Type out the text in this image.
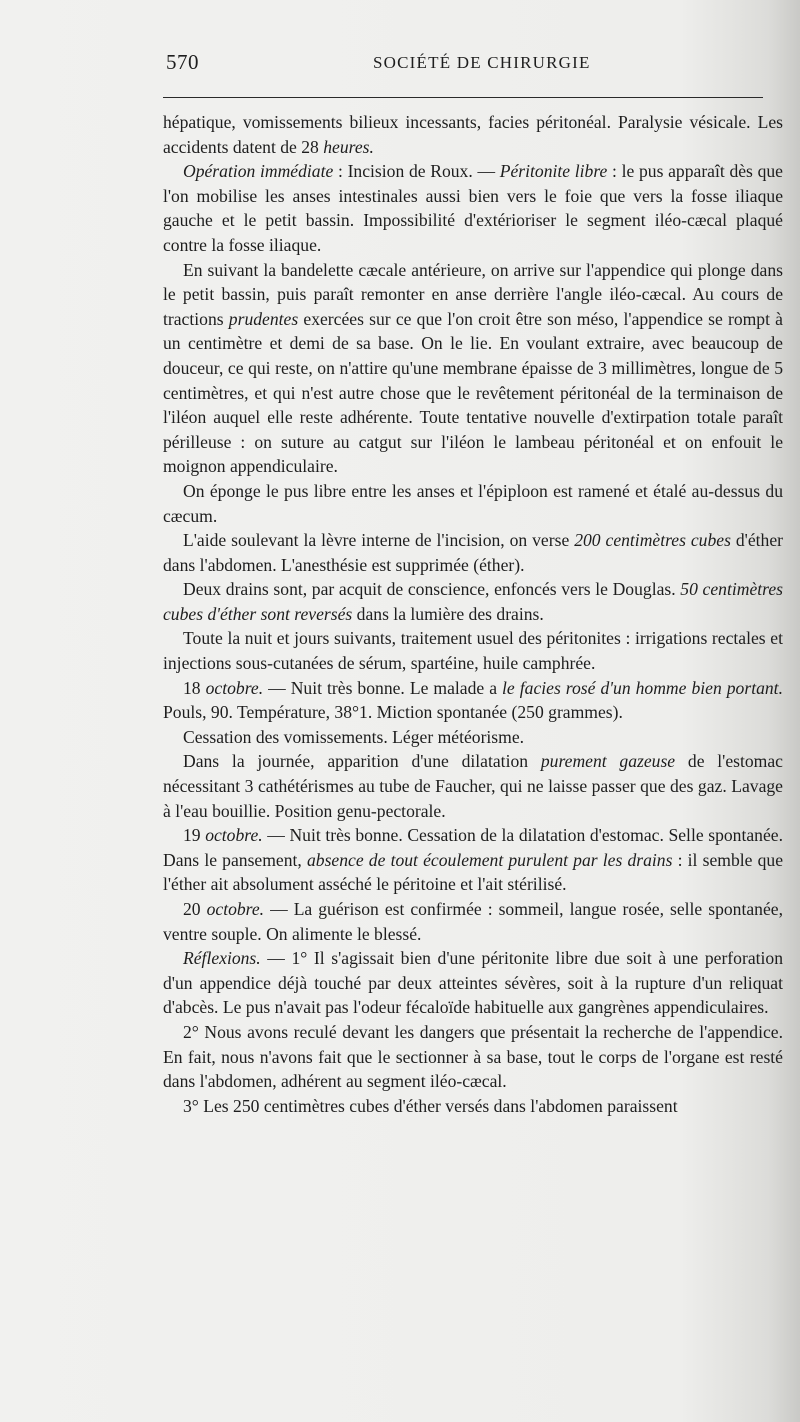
570	SOCIÉTÉ DE CHIRURGIE

hépatique, vomissements bilieux incessants, facies péritonéal. Paralysie vésicale. Les accidents datent de 28 heures.

Opération immédiate : Incision de Roux. — Péritonite libre : le pus apparaît dès que l'on mobilise les anses intestinales aussi bien vers le foie que vers la fosse iliaque gauche et le petit bassin. Impossibilité d'extérioriser le segment iléo-cæcal plaqué contre la fosse iliaque.

En suivant la bandelette cæcale antérieure, on arrive sur l'appendice qui plonge dans le petit bassin, puis paraît remonter en anse derrière l'angle iléo-cæcal. Au cours de tractions prudentes exercées sur ce que l'on croit être son méso, l'appendice se rompt à un centimètre et demi de sa base. On le lie. En voulant extraire, avec beaucoup de douceur, ce qui reste, on n'attire qu'une membrane épaisse de 3 millimètres, longue de 5 centimètres, et qui n'est autre chose que le revêtement péritonéal de la terminaison de l'iléon auquel elle reste adhérente. Toute tentative nouvelle d'extirpation totale paraît périlleuse : on suture au catgut sur l'iléon le lambeau péritonéal et on enfouit le moignon appendiculaire.

On éponge le pus libre entre les anses et l'épiploon est ramené et étalé au-dessus du cæcum.

L'aide soulevant la lèvre interne de l'incision, on verse 200 centimètres cubes d'éther dans l'abdomen. L'anesthésie est supprimée (éther).

Deux drains sont, par acquit de conscience, enfoncés vers le Douglas. 50 centimètres cubes d'éther sont reversés dans la lumière des drains.

Toute la nuit et jours suivants, traitement usuel des péritonites : irrigations rectales et injections sous-cutanées de sérum, spartéine, huile camphrée.

18 octobre. — Nuit très bonne. Le malade a le facies rosé d'un homme bien portant. Pouls, 90. Température, 38°1. Miction spontanée (250 grammes).

Cessation des vomissements. Léger météorisme.

Dans la journée, apparition d'une dilatation purement gazeuse de l'estomac nécessitant 3 cathétérismes au tube de Faucher, qui ne laisse passer que des gaz. Lavage à l'eau bouillie. Position genu-pectorale.

19 octobre. — Nuit très bonne. Cessation de la dilatation d'estomac. Selle spontanée. Dans le pansement, absence de tout écoulement purulent par les drains : il semble que l'éther ait absolument asséché le péritoine et l'ait stérilisé.

20 octobre. — La guérison est confirmée : sommeil, langue rosée, selle spontanée, ventre souple. On alimente le blessé.

Réflexions. — 1° Il s'agissait bien d'une péritonite libre due soit à une perforation d'un appendice déjà touché par deux atteintes sévères, soit à la rupture d'un reliquat d'abcès. Le pus n'avait pas l'odeur fécaloïde habituelle aux gangrènes appendiculaires.

2° Nous avons reculé devant les dangers que présentait la recherche de l'appendice. En fait, nous n'avons fait que le sectionner à sa base, tout le corps de l'organe est resté dans l'abdomen, adhérent au segment iléo-cæcal.

3° Les 250 centimètres cubes d'éther versés dans l'abdomen paraissent
